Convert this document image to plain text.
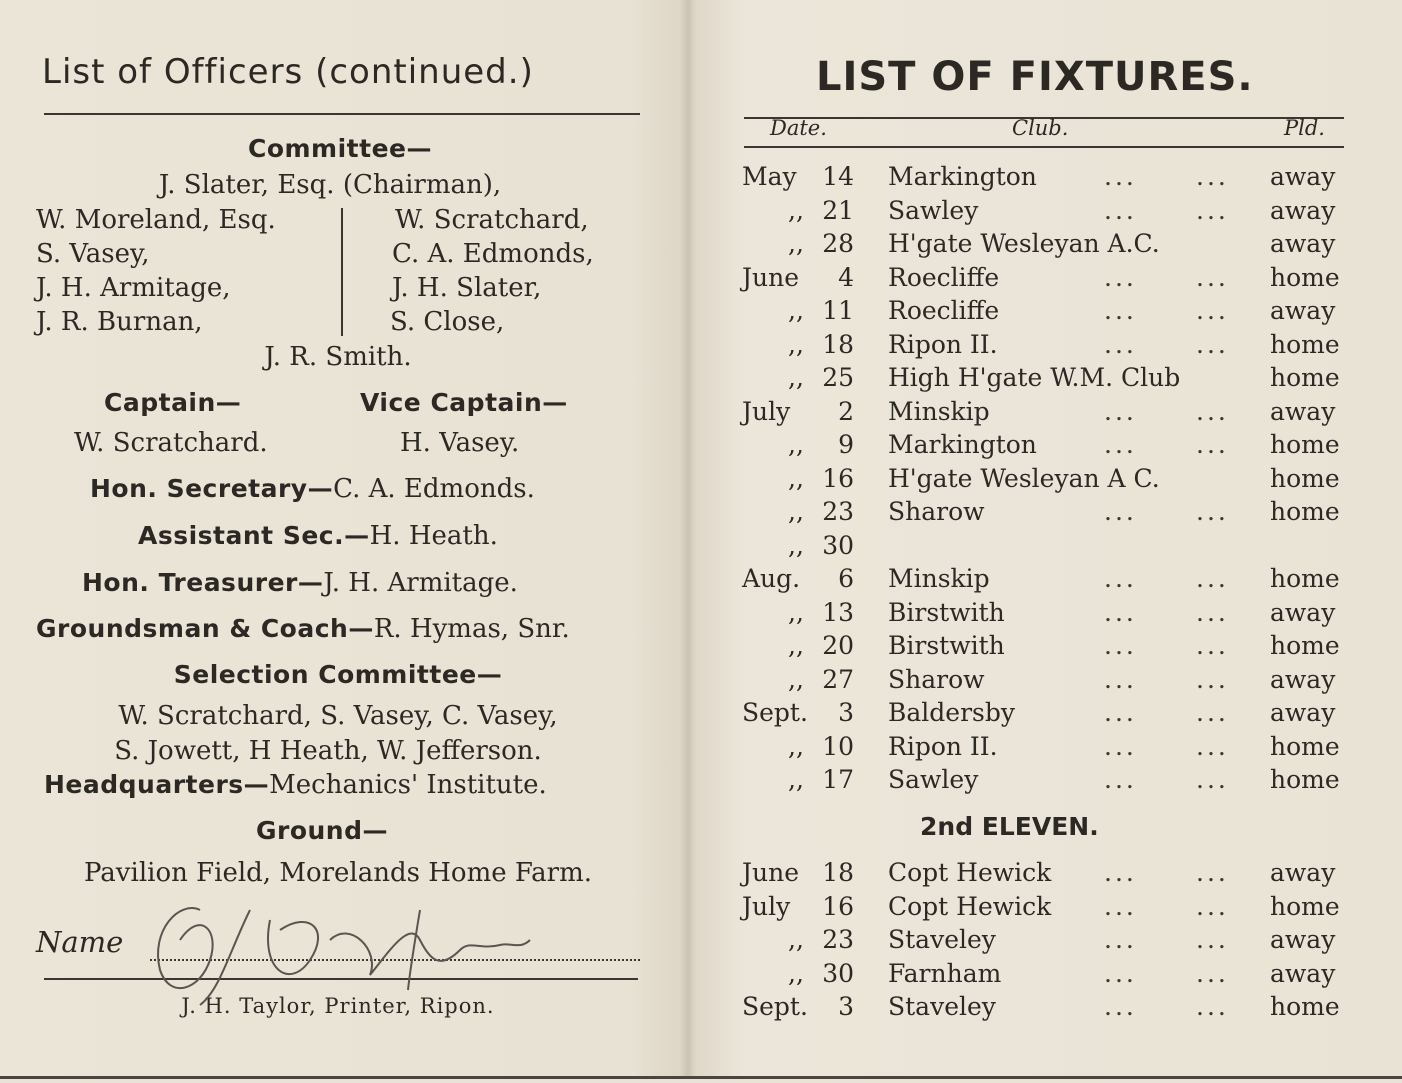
List of Officers (continued.)
Committee—
J. Slater, Esq. (Chairman),
W. Moreland, Esq.
S. Vasey,
J. H. Armitage,
J. R. Burnan,
W. Scratchard,
C. A. Edmonds,
J. H. Slater,
S. Close,
J. R. Smith.
Captain—	Vice Captain—
W. Scratchard.	H. Vasey.
Hon. Secretary—C. A. Edmonds.
Assistant Sec.—H. Heath.
Hon. Treasurer—J. H. Armitage.
Groundsman & Coach—R. Hymas, Snr.
Selection Committee—
W. Scratchard, S. Vasey, C. Vasey,
S. Jowett, H Heath, W. Jefferson.
Headquarters—Mechanics' Institute.
Ground—
Pavilion Field, Morelands Home Farm.
Name
J. H. Taylor, Printer, Ripon.
LIST OF FIXTURES.
Date.	Club.	Pld.
May	14 Markington	... ... away
,, 21 Sawley	... ... away
,, 28 H'gate Wesleyan A.C.	away
June	4 Roecliffe	... ... home
,, 11 Roecliffe	... ... away
,, 18 Ripon II.	... ... home
,, 25 High H'gate W.M. Club	home
July	2 Minskip	... ... away
,,	9 Markington	... ... home
,, 16 H'gate Wesleyan A C.	home
,, 23 Sharow	... ... home
,, 30
Aug.	6 Minskip	... ... home
,, 13 Birstwith	... ... away
,, 20 Birstwith	... ... home
,, 27 Sharow	... ... away
Sept.	3 Baldersby	... ... away
,, 10 Ripon II.	... ... home
,, 17 Sawley	... ... home
2nd ELEVEN.
June 18 Copt Hewick ... ... away
July	16 Copt Hewick ... ... home
,, 23 Staveley	... ... away
,, 30 Farnham	... ... away
Sept.	3 Staveley	... ... home
